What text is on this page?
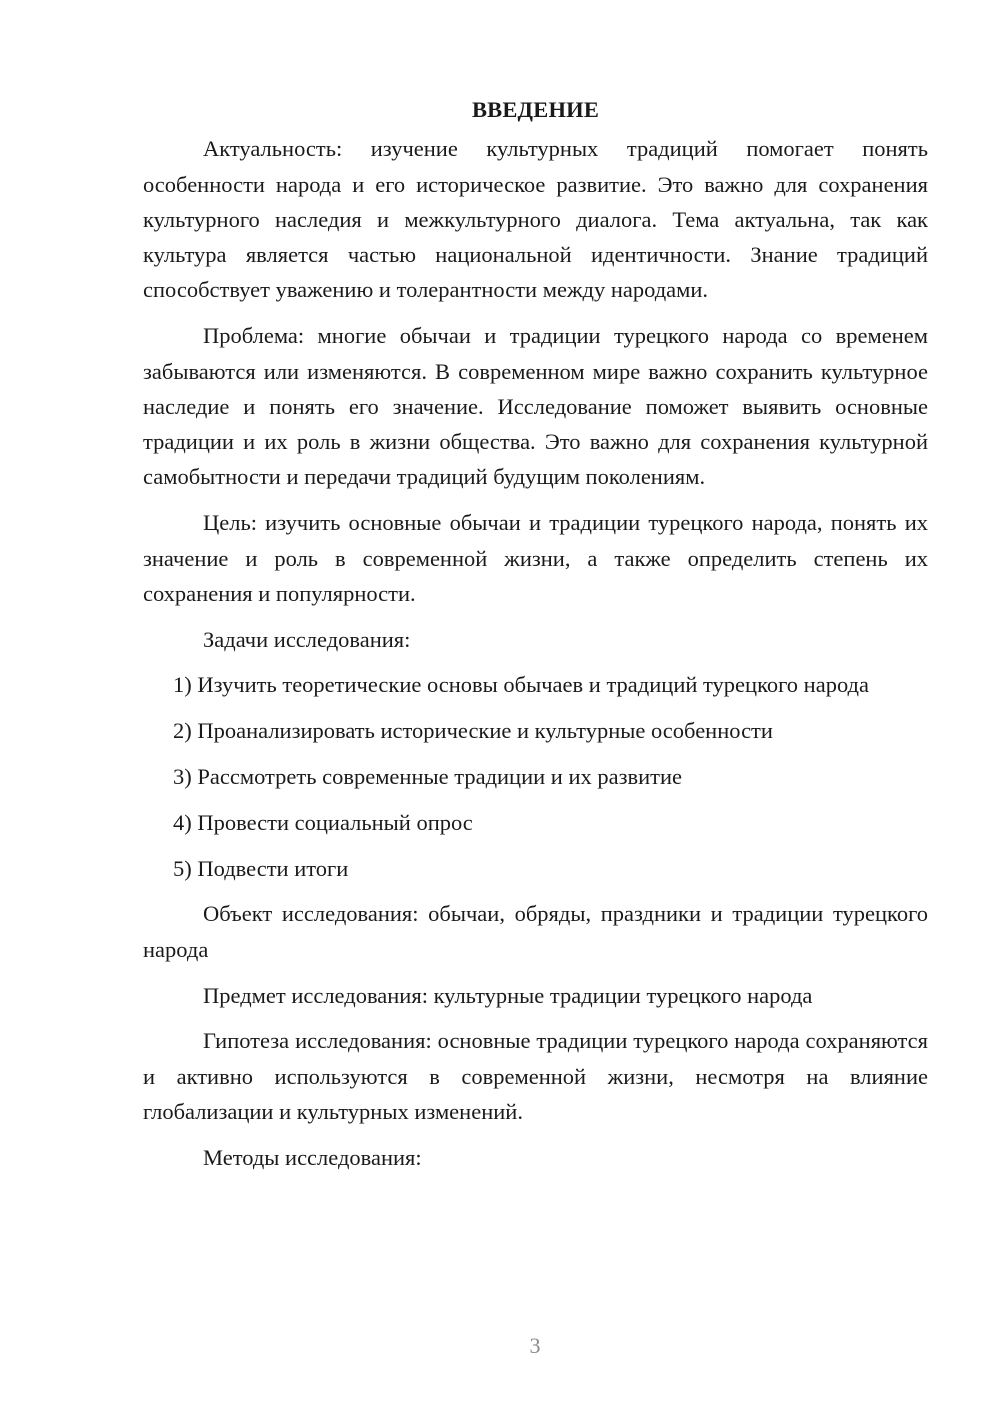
ВВЕДЕНИЕ

Актуальность: изучение культурных традиций помогает понять особенности народа и его историческое развитие. Это важно для сохранения культурного наследия и межкультурного диалога. Тема актуальна, так как культура является частью национальной идентичности. Знание традиций способствует уважению и толерантности между народами.

Проблема: многие обычаи и традиции турецкого народа со временем забываются или изменяются. В современном мире важно сохранить культурное наследие и понять его значение. Исследование поможет выявить основные традиции и их роль в жизни общества. Это важно для сохранения культурной самобытности и передачи традиций будущим поколениям.

Цель: изучить основные обычаи и традиции турецкого народа, понять их значение и роль в современной жизни, а также определить степень их сохранения и популярности.

Задачи исследования:

1) Изучить теоретические основы обычаев и традиций турецкого народа

2) Проанализировать исторические и культурные особенности

3) Рассмотреть современные традиции и их развитие

4) Провести социальный опрос

5) Подвести итоги

Объект исследования: обычаи, обряды, праздники и традиции турецкого народа

Предмет исследования: культурные традиции турецкого народа

Гипотеза исследования: основные традиции турецкого народа сохраняются и активно используются в современной жизни, несмотря на влияние глобализации и культурных изменений.

Методы исследования:

3
